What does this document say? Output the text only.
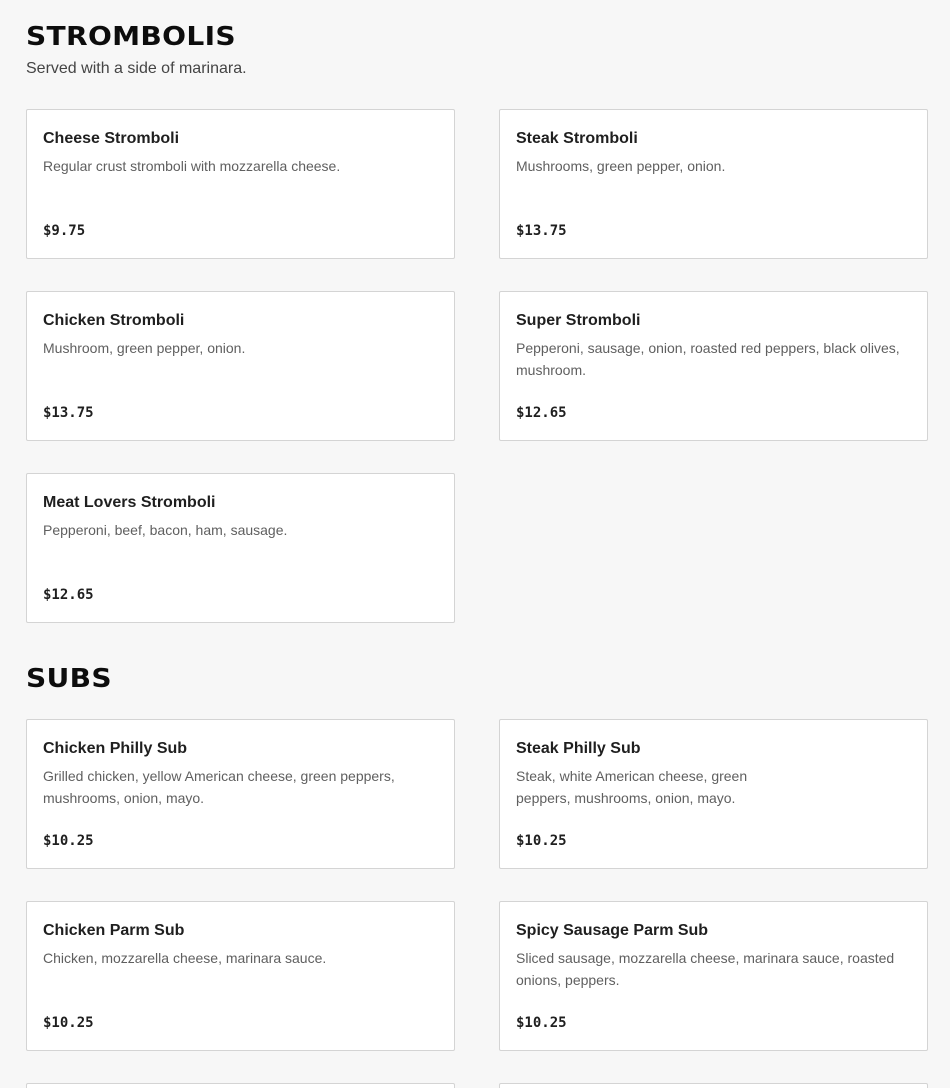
STROMBOLIS

Served with a side of marinara.

Cheese Stromboli
Regular crust stromboli with mozzarella cheese.
$9.75
Steak Stromboli
Mushrooms, green pepper, onion.
$13.75
Chicken Stromboli
Mushroom, green pepper, onion.
$13.75
Super Stromboli
Pepperoni, sausage, onion, roasted red peppers, black olives, mushroom.
$12.65
Meat Lovers Stromboli
Pepperoni, beef, bacon, ham, sausage.
$12.65
SUBS
Chicken Philly Sub
Grilled chicken, yellow American cheese, green peppers, mushrooms, onion, mayo.
$10.25
Steak Philly Sub
Steak, white American cheese, green peppers, mushrooms, onion, mayo.
$10.25
Chicken Parm Sub
Chicken, mozzarella cheese, marinara sauce.
$10.25
Spicy Sausage Parm Sub
Sliced sausage, mozzarella cheese, marinara sauce, roasted onions, peppers.
$10.25
